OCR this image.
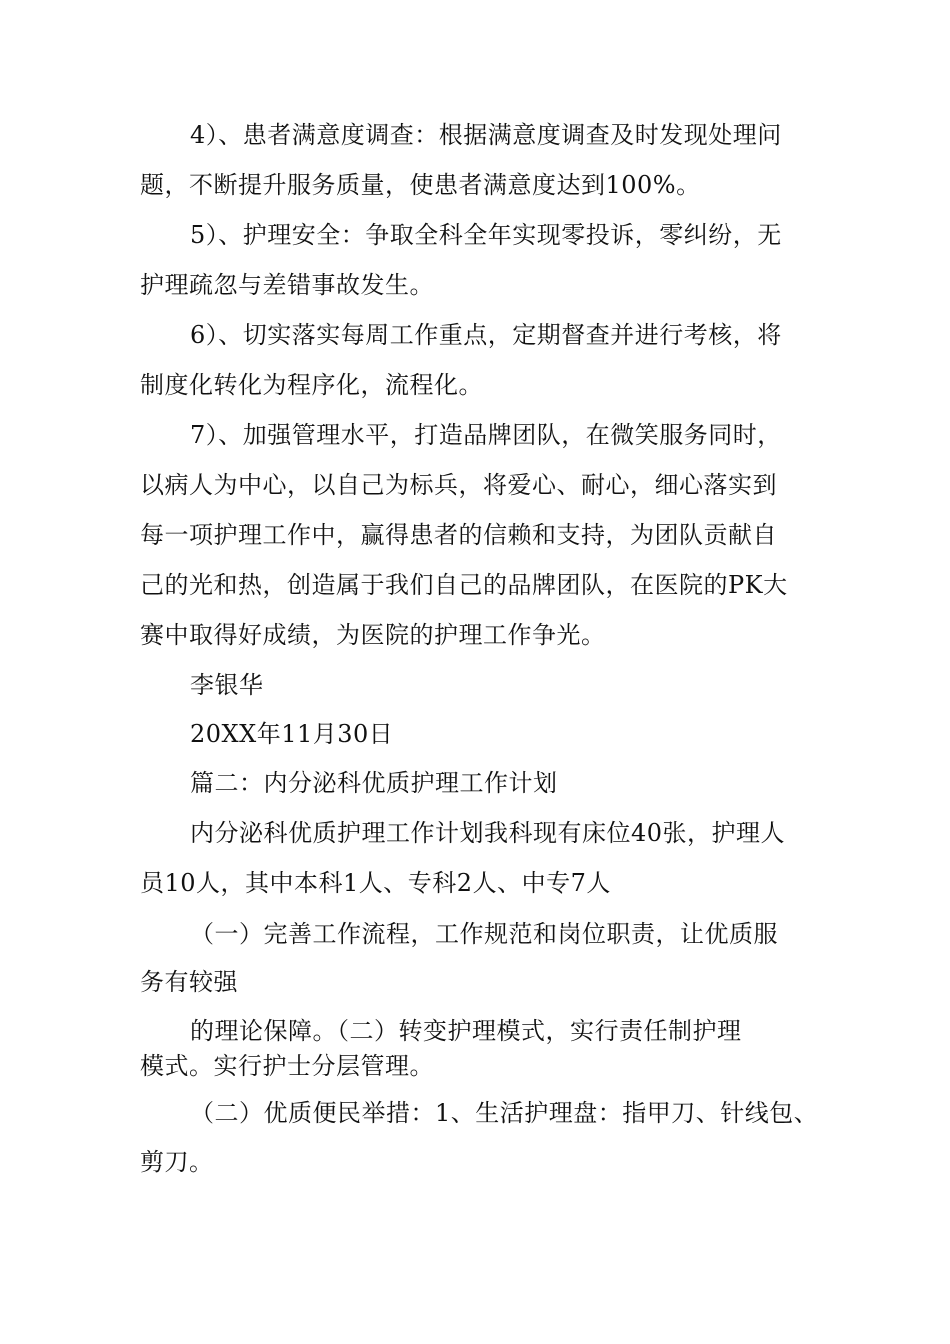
4）、患者满意度调查：根据满意度调查及时发现处理问
题，不断提升服务质量，使患者满意度达到100%。
5）、护理安全：争取全科全年实现零投诉，零纠纷，无
护理疏忽与差错事故发生。
6）、切实落实每周工作重点，定期督查并进行考核，将
制度化转化为程序化，流程化。
7）、加强管理水平，打造品牌团队，在微笑服务同时，
以病人为中心，以自己为标兵，将爱心、耐心，细心落实到
每一项护理工作中，赢得患者的信赖和支持，为团队贡献自
己的光和热，创造属于我们自己的品牌团队，在医院的PK大
赛中取得好成绩，为医院的护理工作争光。
李银华
20XX年11月30日
篇二：内分泌科优质护理工作计划
内分泌科优质护理工作计划我科现有床位40张，护理人
员10人，其中本科1人、专科2人、中专7人
（一）完善工作流程，工作规范和岗位职责，让优质服
务有较强
的理论保障。（二）转变护理模式，实行责任制护理
模式。实行护士分层管理。
（二）优质便民举措：1、生活护理盘：指甲刀、针线包、
剪刀。
